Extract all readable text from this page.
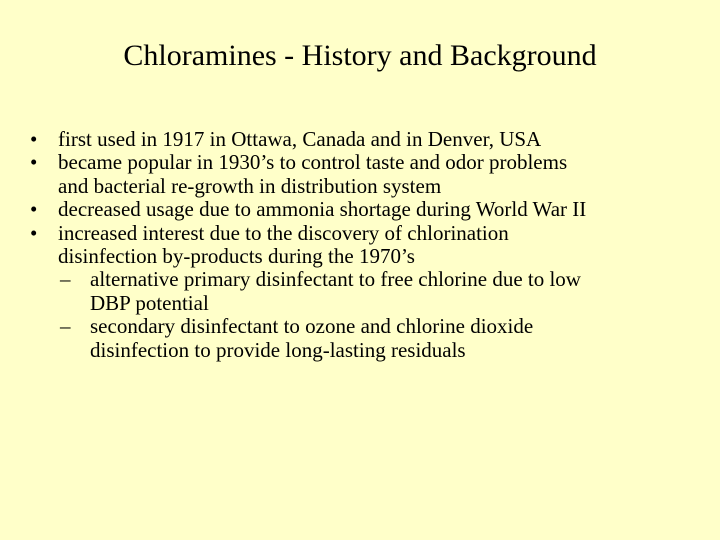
Chloramines - History and Background
• first used in 1917 in Ottawa, Canada and in Denver, USA
• became popular in 1930’s to control taste and odor problems
and bacterial re-growth in distribution system
• decreased usage due to ammonia shortage during World War II
• increased interest due to the discovery of chlorination
disinfection by-products during the 1970’s
– alternative primary disinfectant to free chlorine due to low
DBP potential
– secondary disinfectant to ozone and chlorine dioxide
disinfection to provide long-lasting residuals
